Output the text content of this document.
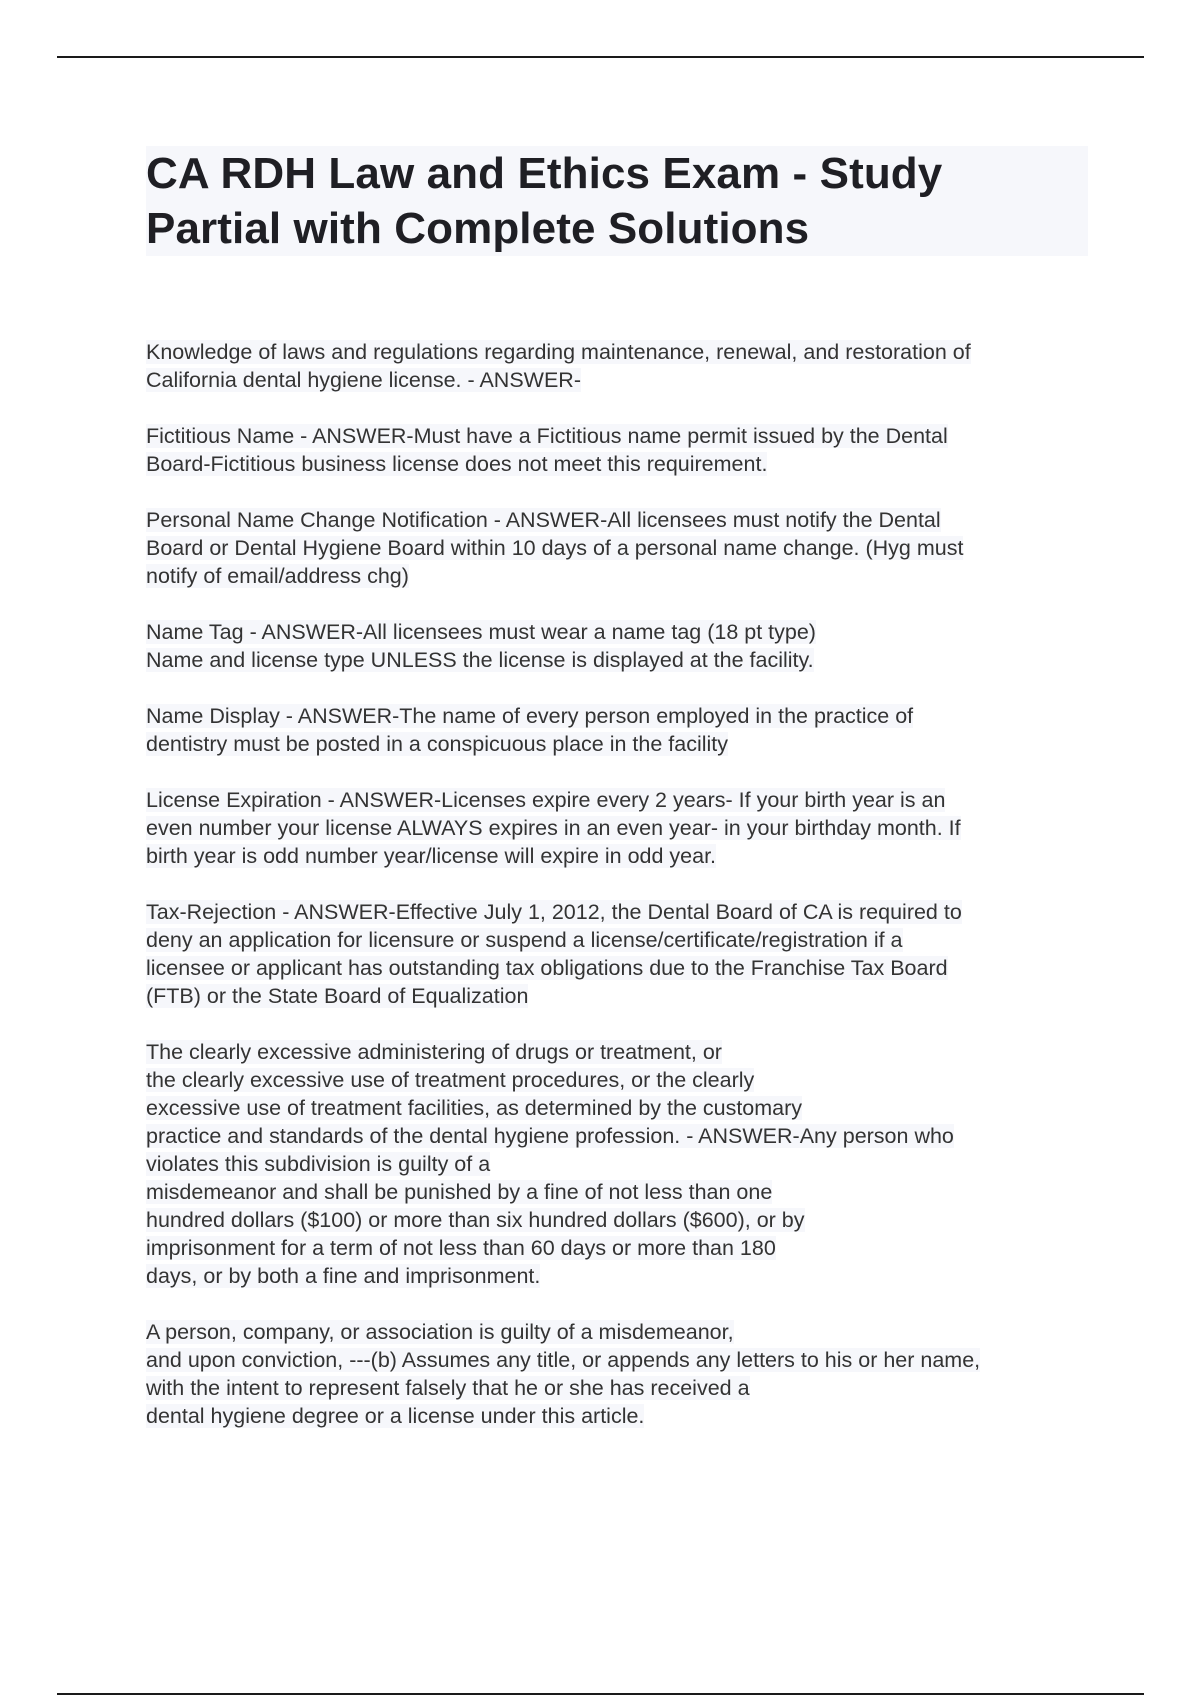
CA RDH Law and Ethics Exam - Study
Partial with Complete Solutions

Knowledge of laws and regulations regarding maintenance, renewal, and restoration of
California dental hygiene license. - ANSWER-

Fictitious Name - ANSWER-Must have a Fictitious name permit issued by the Dental
Board-Fictitious business license does not meet this requirement.

Personal Name Change Notification - ANSWER-All licensees must notify the Dental
Board or Dental Hygiene Board within 10 days of a personal name change. (Hyg must
notify of email/address chg)

Name Tag - ANSWER-All licensees must wear a name tag (18 pt type)
Name and license type UNLESS the license is displayed at the facility.

Name Display - ANSWER-The name of every person employed in the practice of
dentistry must be posted in a conspicuous place in the facility

License Expiration - ANSWER-Licenses expire every 2 years- If your birth year is an
even number your license ALWAYS expires in an even year- in your birthday month. If
birth year is odd number year/license will expire in odd year.

Tax-Rejection - ANSWER-Effective July 1, 2012, the Dental Board of CA is required to
deny an application for licensure or suspend a license/certificate/registration if a
licensee or applicant has outstanding tax obligations due to the Franchise Tax Board
(FTB) or the State Board of Equalization

The clearly excessive administering of drugs or treatment, or
the clearly excessive use of treatment procedures, or the clearly
excessive use of treatment facilities, as determined by the customary
practice and standards of the dental hygiene profession. - ANSWER-Any person who
violates this subdivision is guilty of a
misdemeanor and shall be punished by a fine of not less than one
hundred dollars ($100) or more than six hundred dollars ($600), or by
imprisonment for a term of not less than 60 days or more than 180
days, or by both a fine and imprisonment.

A person, company, or association is guilty of a misdemeanor,
and upon conviction, ---(b) Assumes any title, or appends any letters to his or her name,
with the intent to represent falsely that he or she has received a
dental hygiene degree or a license under this article.
